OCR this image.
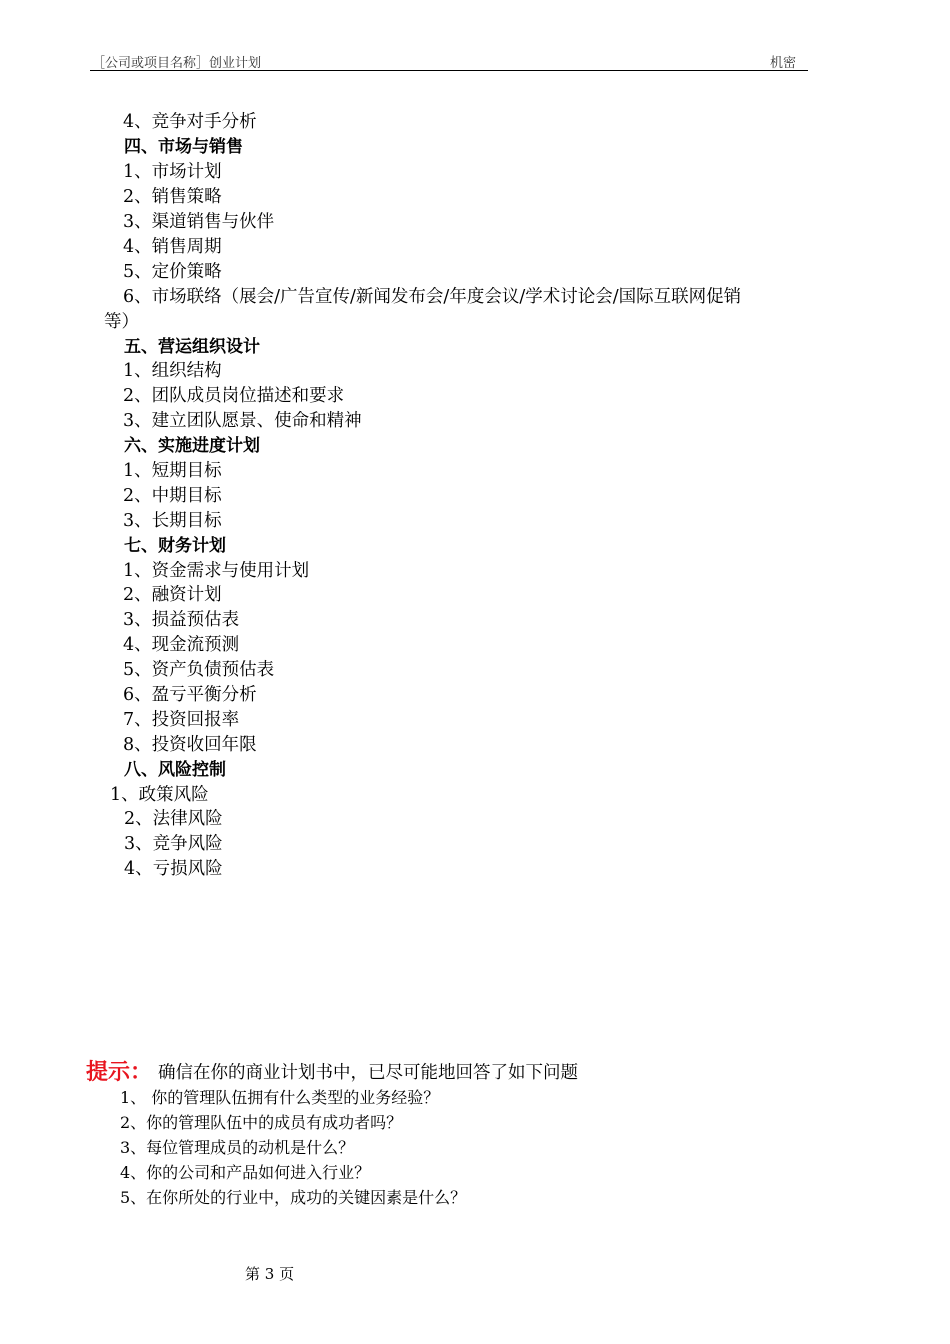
［公司或项目名称］创业计划	机密
4、竞争对手分析
四、市场与销售
1、市场计划
2、销售策略
3、渠道销售与伙伴
4、销售周期
5、定价策略
6、市场联络（展会/广告宣传/新闻发布会/年度会议/学术讨论会/国际互联网促销
等）
五、营运组织设计
1、组织结构
2、团队成员岗位描述和要求
3、建立团队愿景、使命和精神
六、实施进度计划
1、短期目标
2、中期目标
3、长期目标
七、财务计划
1、资金需求与使用计划
2、融资计划
3、损益预估表
4、现金流预测
5、资产负债预估表
6、盈亏平衡分析
7、投资回报率
8、投资收回年限
八、风险控制
1、政策风险
2、法律风险
3、竞争风险
4、亏损风险
提示： 确信在你的商业计划书中，已尽可能地回答了如下问题
1、 你的管理队伍拥有什么类型的业务经验？
2、你的管理队伍中的成员有成功者吗？
3、每位管理成员的动机是什么？
4、你的公司和产品如何进入行业？
5、在你所处的行业中，成功的关键因素是什么？
第 3 页
